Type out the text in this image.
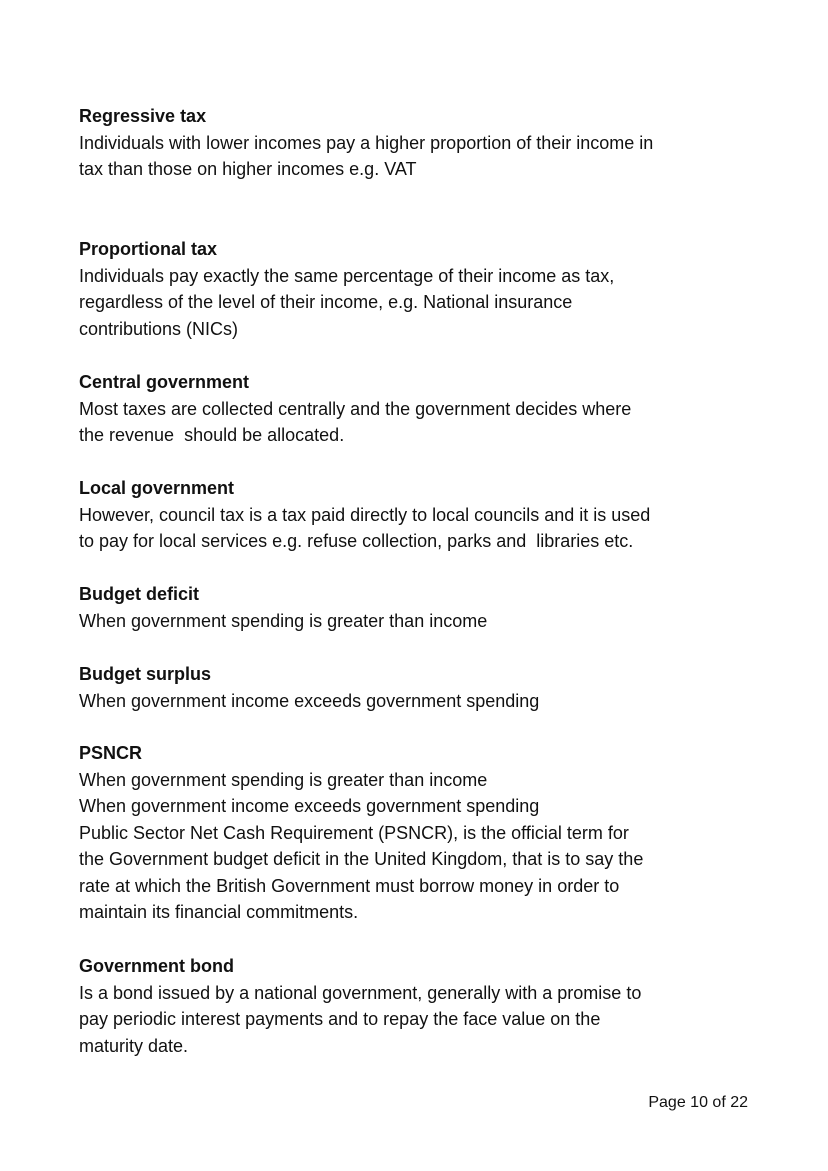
Regressive tax

Individuals with lower incomes pay a higher proportion of their income in

tax than those on higher incomes e.g. VAT

Proportional tax

Individuals pay exactly the same percentage of their income as tax,

regardless of the level of their income, e.g. National insurance

contributions (NICs)

Central government

Most taxes are collected centrally and the government decides where

the revenue  should be allocated.

Local government

However, council tax is a tax paid directly to local councils and it is used

to pay for local services e.g. refuse collection, parks and  libraries etc.

Budget deficit

When government spending is greater than income

Budget surplus

When government income exceeds government spending

PSNCR

When government spending is greater than income

When government income exceeds government spending

Public Sector Net Cash Requirement (PSNCR), is the official term for

the Government budget deficit in the United Kingdom, that is to say the

rate at which the British Government must borrow money in order to

maintain its financial commitments.

Government bond

Is a bond issued by a national government, generally with a promise to

pay periodic interest payments and to repay the face value on the

maturity date.

Page 10 of 22
